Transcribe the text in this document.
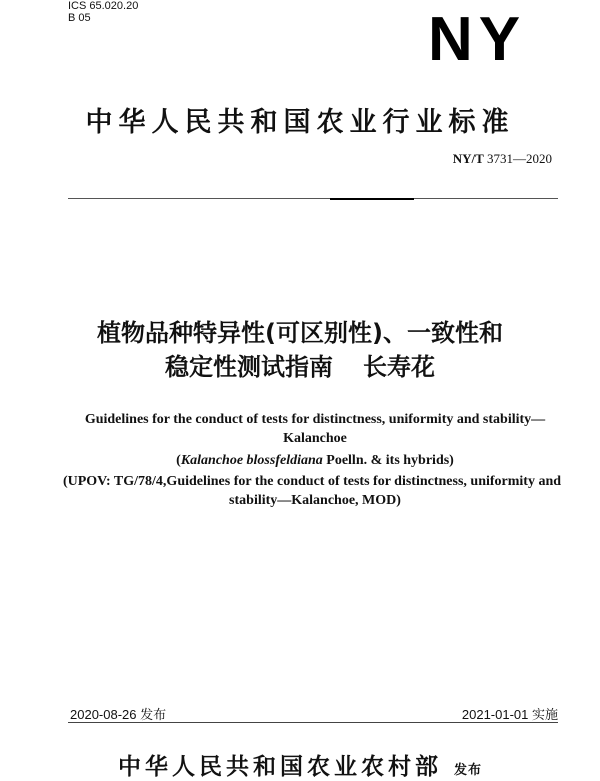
ICS 65.020.20
B 05	NY
中华人民共和国农业行业标准
NY/T 3731—2020
植物品种特异性(可区别性)、一致性和
稳定性测试指南 长寿花
Guidelines for the conduct of tests for distinctness, uniformity and stability—
Kalanchoe
(Kalanchoe blossfeldiana Poelln. & its hybrids)
(UPOV: TG/78/4,Guidelines for the conduct of tests for distinctness, uniformity and
stability—Kalanchoe, MOD)
2020-08-26 发布	2021-01-01 实施
中华人民共和国农业农村部 发布
